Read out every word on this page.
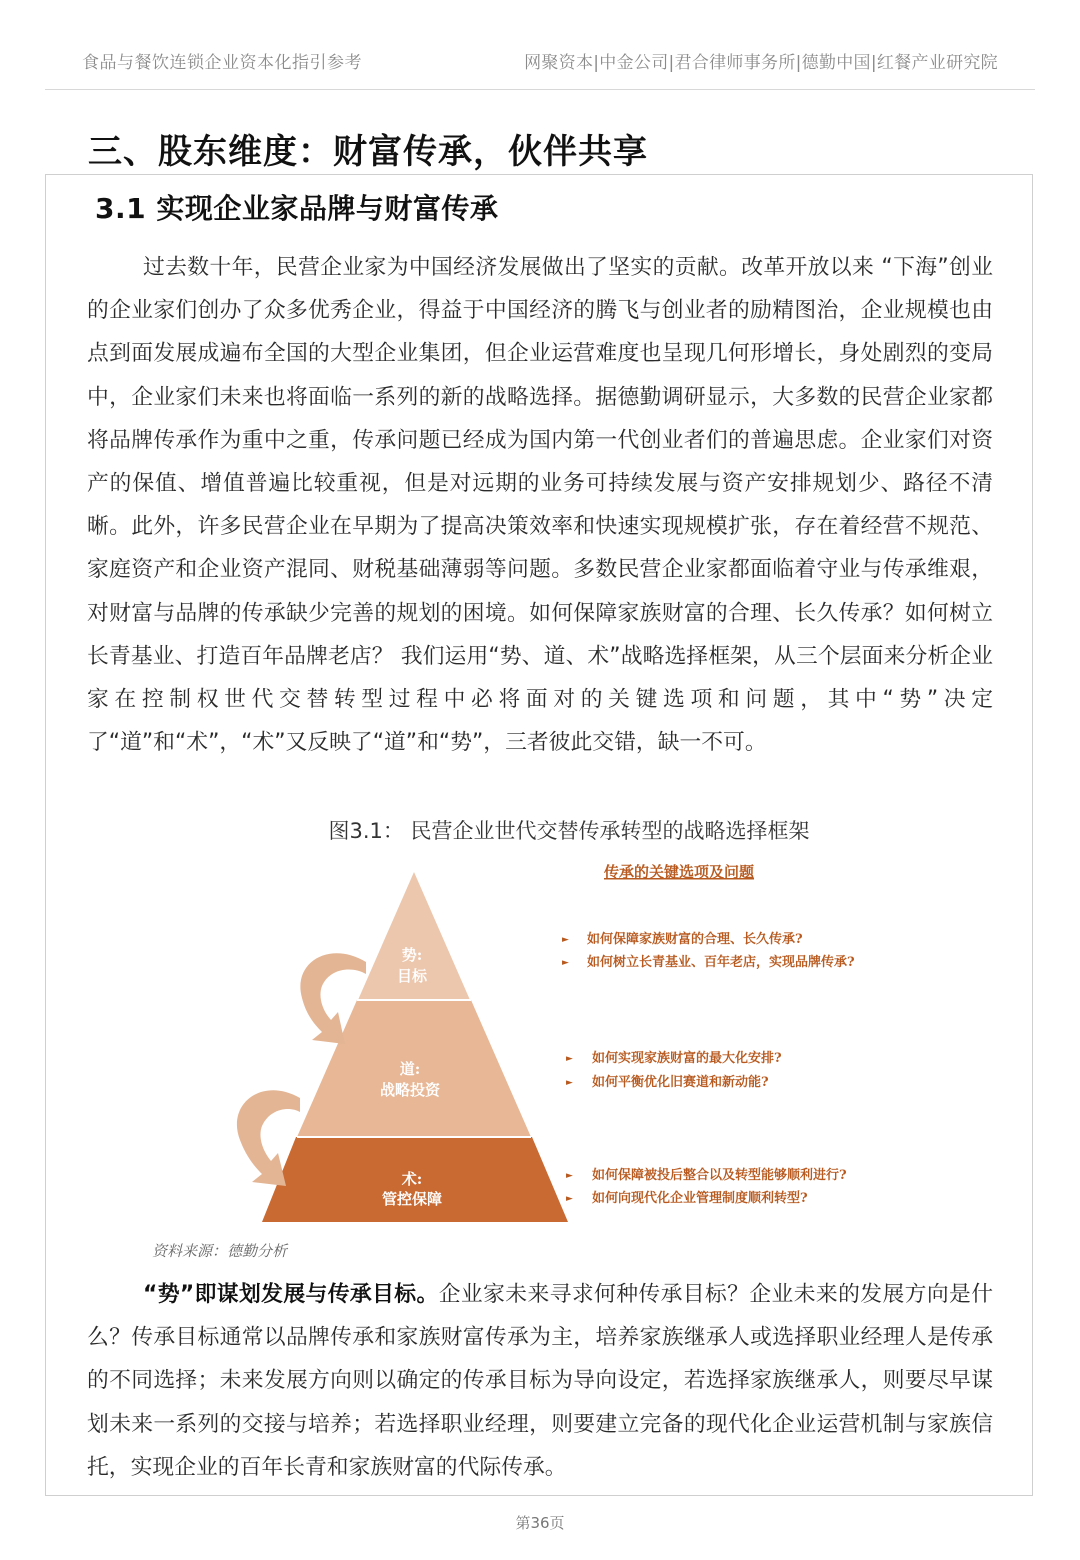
食品与餐饮连锁企业资本化指引参考	网聚资本|中金公司|君合律师事务所|德勤中国|红餐产业研究院
三、股东维度：财富传承，伙伴共享
3.1 实现企业家品牌与财富传承

过去数十年，民营企业家为中国经济发展做出了坚实的贡献。改革开放以来 “下海”创业的企业家们创办了众多优秀企业，得益于中国经济的腾飞与创业者的励精图治，企业规模也由点到面发展成遍布全国的大型企业集团，但企业运营难度也呈现几何形增长，身处剧烈的变局中，企业家们未来也将面临一系列的新的战略选择。据德勤调研显示，大多数的民营企业家都将品牌传承作为重中之重，传承问题已经成为国内第一代创业者们的普遍思虑。企业家们对资产的保值、增值普遍比较重视，但是对远期的业务可持续发展与资产安排规划少、路径不清晰。此外，许多民营企业在早期为了提高决策效率和快速实现规模扩张，存在着经营不规范、家庭资产和企业资产混同、财税基础薄弱等问题。多数民营企业家都面临着守业与传承维艰，对财富与品牌的传承缺少完善的规划的困境。如何保障家族财富的合理、长久传承？如何树立长青基业、打造百年品牌老店？ 我们运用“势、道、术”战略选择框架，从三个层面来分析企业家在控制权世代交替转型过程中必将面对的关键选项和问题，其中“势”决定了“道”和“术”，“术”又反映了“道”和“势”，三者彼此交错，缺一不可。

图3.1： 民营企业世代交替传承转型的战略选择框架
势:
目标
道:
战略投资
术:
管控保障
传承的关键选项及问题
► 如何保障家族财富的合理、长久传承?
► 如何树立长青基业、百年老店，实现品牌传承?
► 如何实现家族财富的最大化安排?
► 如何平衡优化旧赛道和新动能?
► 如何保障被投后整合以及转型能够顺利进行?
► 如何向现代化企业管理制度顺利转型?
资料来源：德勤分析

“势”即谋划发展与传承目标。企业家未来寻求何种传承目标？企业未来的发展方向是什么？传承目标通常以品牌传承和家族财富传承为主，培养家族继承人或选择职业经理人是传承的不同选择；未来发展方向则以确定的传承目标为导向设定，若选择家族继承人，则要尽早谋划未来一系列的交接与培养；若选择职业经理，则要建立完备的现代化企业运营机制与家族信托，实现企业的百年长青和家族财富的代际传承。

第36页
